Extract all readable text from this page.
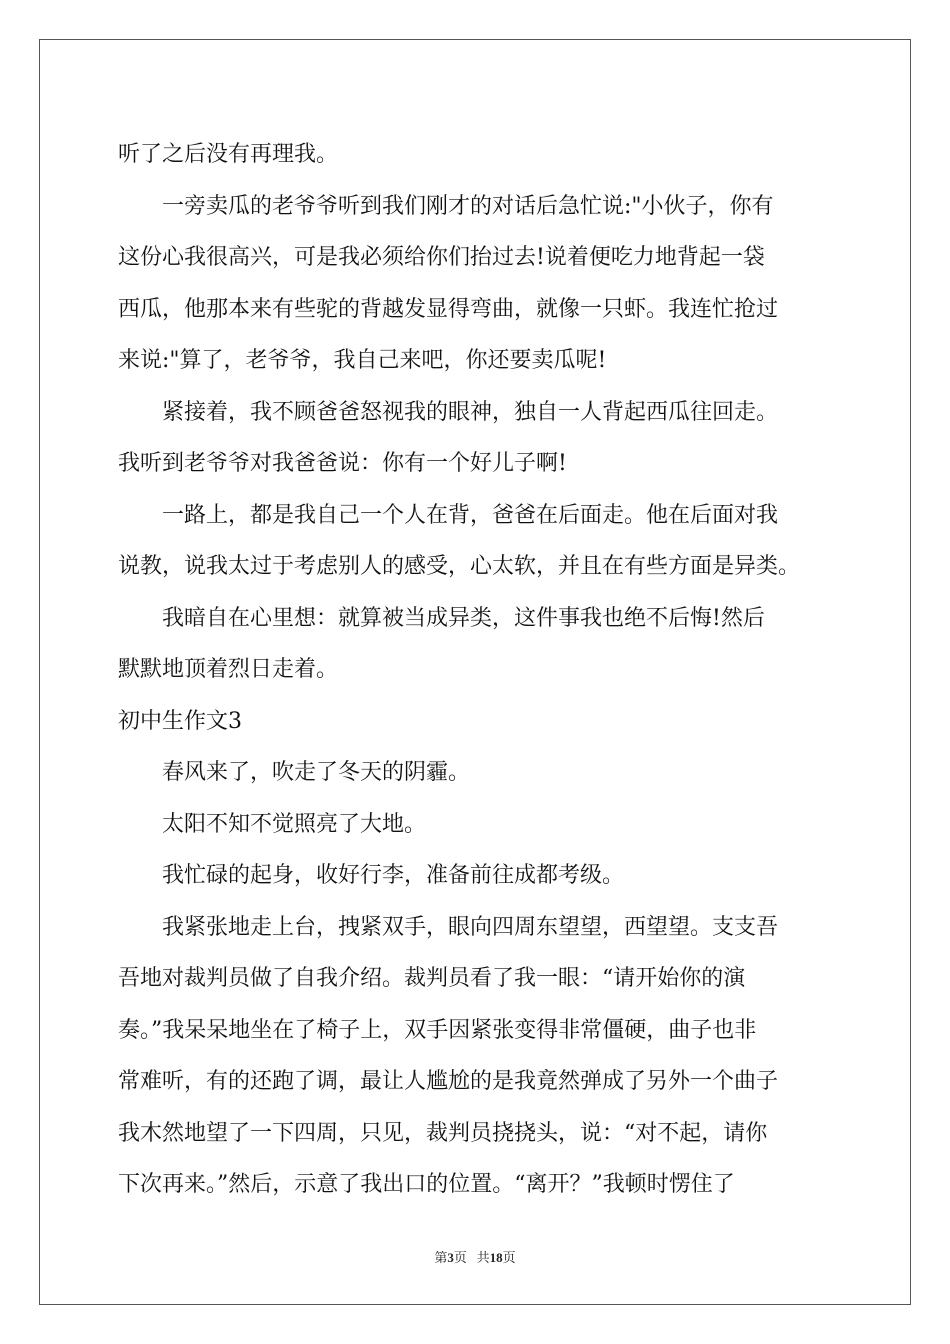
听了之后没有再理我。
一旁卖瓜的老爷爷听到我们刚才的对话后急忙说:"小伙子，你有
这份心我很高兴，可是我必须给你们抬过去!说着便吃力地背起一袋
西瓜，他那本来有些驼的背越发显得弯曲，就像一只虾。我连忙抢过
来说:"算了，老爷爷，我自己来吧，你还要卖瓜呢!
紧接着，我不顾爸爸怒视我的眼神，独自一人背起西瓜往回走。
我听到老爷爷对我爸爸说：你有一个好儿子啊!
一路上，都是我自己一个人在背，爸爸在后面走。他在后面对我
说教，说我太过于考虑别人的感受，心太软，并且在有些方面是异类。
我暗自在心里想：就算被当成异类，这件事我也绝不后悔!然后
默默地顶着烈日走着。
初中生作文3
春风来了，吹走了冬天的阴霾。
太阳不知不觉照亮了大地。
我忙碌的起身，收好行李，准备前往成都考级。
我紧张地走上台，拽紧双手，眼向四周东望望，西望望。支支吾
吾地对裁判员做了自我介绍。裁判员看了我一眼：“请开始你的演
奏。”我呆呆地坐在了椅子上，双手因紧张变得非常僵硬，曲子也非
常难听，有的还跑了调，最让人尴尬的是我竟然弹成了另外一个曲子
我木然地望了一下四周，只见，裁判员挠挠头，说：“对不起，请你
下次再来。”然后，示意了我出口的位置。“离开？”我顿时愣住了
第3页 共18页
